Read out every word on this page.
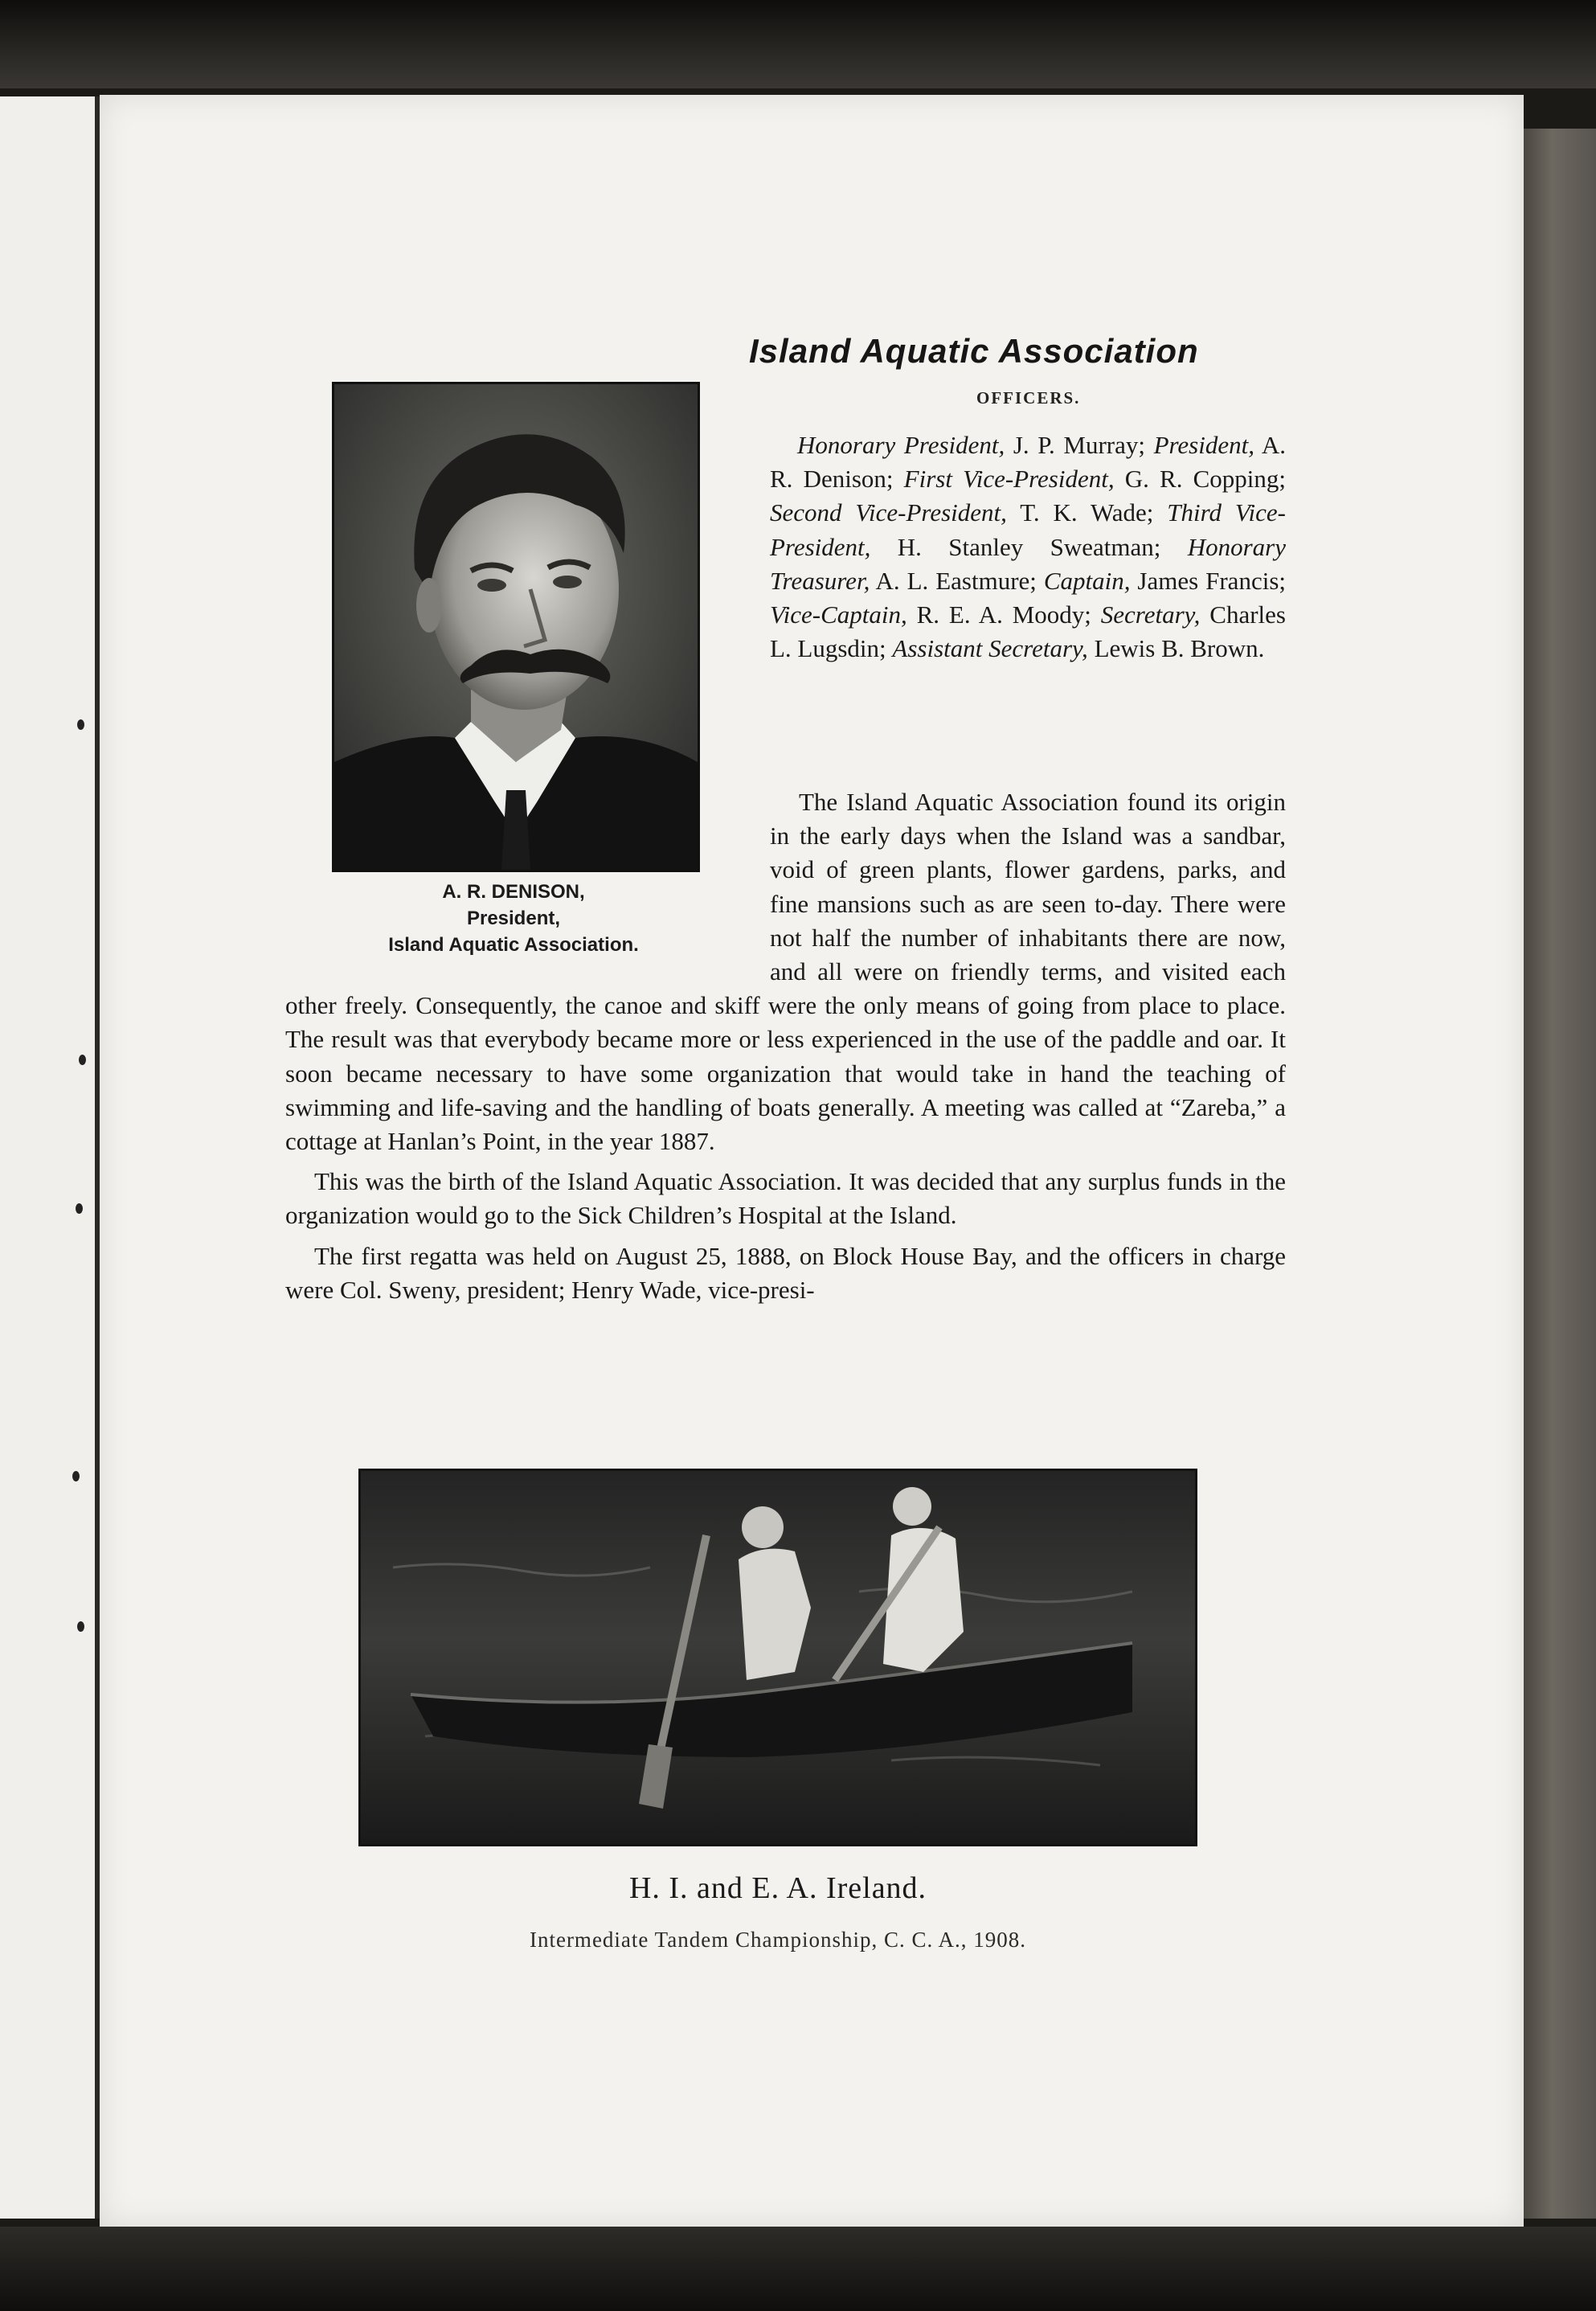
Island Aquatic Association
OFFICERS.
Honorary President, J. P. Murray; President, A. R. Denison; First Vice-President, G. R. Copping; Second Vice-President, T. K. Wade; Third Vice-President, H. Stanley Sweatman; Honorary Treasurer, A. L. Eastmure; Captain, James Francis; Vice-Captain, R. E. A. Moody; Secretary, Charles L. Lugsdin; Assistant Secretary, Lewis B. Brown.
A. R. DENISON,
President,
Island Aquatic Association.

The Island Aquatic Association found its origin in the early days when the Island was a sandbar, void of green plants, flower gardens, parks, and fine mansions such as are seen to-day. There were not half the number of inhabitants there are now, and all were on friendly terms, and visited each other freely. Consequently, the canoe and skiff were the only means of going from place to place. The result was that everybody became more or less experienced in the use of the paddle and oar. It soon became necessary to have some organization that would take in hand the teaching of swimming and life-saving and the handling of boats generally. A meeting was called at “Zareba,” a cottage at Hanlan’s Point, in the year 1887.

This was the birth of the Island Aquatic Association. It was decided that any surplus funds in the organization would go to the Sick Children’s Hospital at the Island.

The first regatta was held on August 25, 1888, on Block House Bay, and the officers in charge were Col. Sweny, president; Henry Wade, vice-presi-

H. I. and E. A. Ireland.
Intermediate Tandem Championship, C. C. A., 1908.
